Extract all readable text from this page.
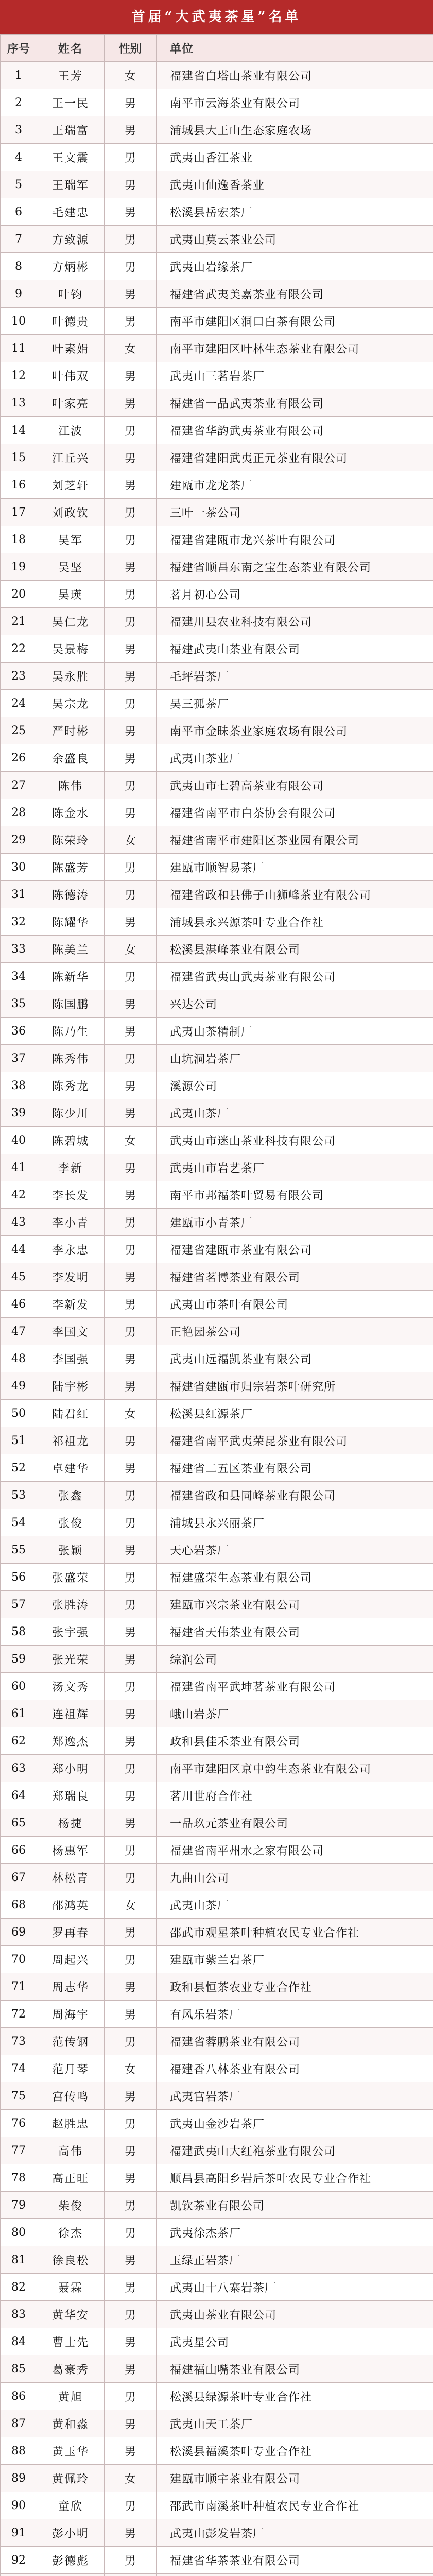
首届“大武夷茶星”名单
序号	姓名	性别	单位
1	王芳	女	福建省白塔山茶业有限公司
2	王一民	男	南平市云海茶业有限公司
3	王瑞富	男	浦城县大王山生态家庭农场
4	王文震	男	武夷山香江茶业
5	王瑞军	男	武夷山仙逸香茶业
6	毛建忠	男	松溪县岳宏茶厂
7	方致源	男	武夷山莫云茶业公司
8	方炳彬	男	武夷山岩缘茶厂
9	叶钧	男	福建省武夷美嘉茶业有限公司
10	叶德贵	男	南平市建阳区洞口白茶有限公司
11	叶素娟	女	南平市建阳区叶林生态茶业有限公司
12	叶伟双	男	武夷山三茗岩茶厂
13	叶家亮	男	福建省一品武夷茶业有限公司
14	江波	男	福建省华韵武夷茶业有限公司
15	江丘兴	男	福建省建阳武夷正元茶业有限公司
16	刘芝轩	男	建瓯市龙龙茶厂
17	刘政钦	男	三叶一茶公司
18	吴军	男	福建省建瓯市龙兴茶叶有限公司
19	吴坚	男	福建省顺昌东南之宝生态茶业有限公司
20	吴瑛	男	茗月初心公司
21	吴仁龙	男	福建川县农业科技有限公司
22	吴景梅	男	福建武夷山茶业有限公司
23	吴永胜	男	毛坪岩茶厂
24	吴宗龙	男	吴三孤茶厂
25	严时彬	男	南平市金昧茶业家庭农场有限公司
26	余盛良	男	武夷山茶业厂
27	陈伟	男	武夷山市七碧高茶业有限公司
28	陈金水	男	福建省南平市白茶协会有限公司
29	陈荣玲	女	福建省南平市建阳区茶业园有限公司
30	陈盛芳	男	建瓯市顺智易茶厂
31	陈德涛	男	福建省政和县佛子山狮峰茶业有限公司
32	陈耀华	男	浦城县永兴源茶叶专业合作社
33	陈美兰	女	松溪县湛峰茶业有限公司
34	陈新华	男	福建省武夷山武夷茶业有限公司
35	陈国鹏	男	兴达公司
36	陈乃生	男	武夷山茶精制厂
37	陈秀伟	男	山坑洞岩茶厂
38	陈秀龙	男	溪源公司
39	陈少川	男	武夷山茶厂
40	陈碧城	女	武夷山市迷山茶业科技有限公司
41	李新	男	武夷山市岩艺茶厂
42	李长发	男	南平市邦福茶叶贸易有限公司
43	李小青	男	建瓯市小青茶厂
44	李永忠	男	福建省建瓯市茶业有限公司
45	李发明	男	福建省茗博茶业有限公司
46	李新发	男	武夷山市茶叶有限公司
47	李国文	男	正艳园茶公司
48	李国强	男	武夷山远福凯茶业有限公司
49	陆宇彬	男	福建省建瓯市归宗岩茶叶研究所
50	陆君红	女	松溪县红源茶厂
51	祁祖龙	男	福建省南平武夷荣昆茶业有限公司
52	卓建华	男	福建省二五区茶业有限公司
53	张鑫	男	福建省政和县同峰茶业有限公司
54	张俊	男	浦城县永兴丽茶厂
55	张颖	男	天心岩茶厂
56	张盛荣	男	福建盛荣生态茶业有限公司
57	张胜涛	男	建瓯市兴宗茶业有限公司
58	张宇强	男	福建省天伟茶业有限公司
59	张光荣	男	综润公司
60	汤文秀	男	福建省南平武坤茗茶业有限公司
61	连祖辉	男	峨山岩茶厂
62	郑逸杰	男	政和县佳禾茶业有限公司
63	郑小明	男	南平市建阳区京中韵生态茶业有限公司
64	郑瑞良	男	茗川世府合作社
65	杨捷	男	一品玖元茶业有限公司
66	杨惠军	男	福建省南平州水之家有限公司
67	林松青	男	九曲山公司
68	邵鸿英	女	武夷山茶厂
69	罗再春	男	邵武市观星茶叶种植农民专业合作社
70	周起兴	男	建瓯市紫兰岩茶厂
71	周志华	男	政和县恒茶农业专业合作社
72	周海宇	男	有风乐岩茶厂
73	范传钢	男	福建省蓉鹏茶业有限公司
74	范月琴	女	福建香八林茶业有限公司
75	宫传鸣	男	武夷宫岩茶厂
76	赵胜忠	男	武夷山金沙岩茶厂
77	高伟	男	福建武夷山大红袍茶业有限公司
78	高正旺	男	顺昌县高阳乡岩后茶叶农民专业合作社
79	柴俊	男	凯钦茶业有限公司
80	徐杰	男	武夷徐杰茶厂
81	徐良松	男	玉绿正岩茶厂
82	聂霖	男	武夷山十八寨岩茶厂
83	黄华安	男	武夷山茶业有限公司
84	曹士先	男	武夷星公司
85	葛豪秀	男	福建福山嘴茶业有限公司
86	黄旭	男	松溪县绿源茶叶专业合作社
87	黄和淼	男	武夷山天工茶厂
88	黄玉华	男	松溪县福溪茶叶专业合作社
89	黄佩玲	女	建瓯市顺宇茶业有限公司
90	童欣	男	邵武市南溪茶叶种植农民专业合作社
91	彭小明	男	武夷山彭发岩茶厂
92	彭德彪	男	福建省华茶茶业有限公司
